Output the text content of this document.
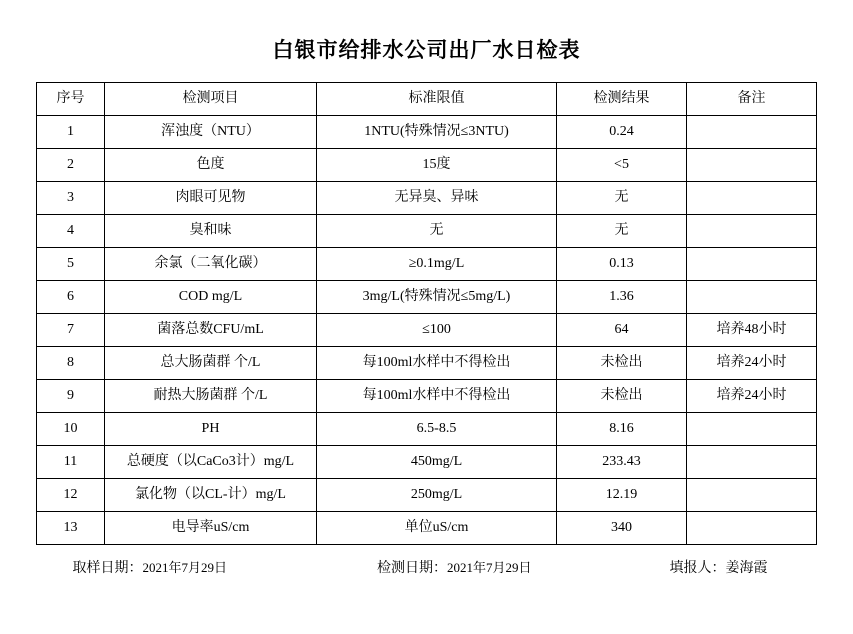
白银市给排水公司出厂水日检表
序号	检测项目	标准限值	检测结果	备注
1	浑浊度（NTU）	1NTU(特殊情况≤3NTU)	0.24	
2	色度	15度	<5	
3	肉眼可见物	无异臭、异味	无	
4	臭和味	无	无	
5	余氯（二氧化碳）	≥0.1mg/L	0.13	
6	COD mg/L	3mg/L(特殊情况≤5mg/L)	1.36	
7	菌落总数CFU/mL	≤100	64	培养48小时
8	总大肠菌群 个/L	每100ml水样中不得检出	未检出	培养24小时
9	耐热大肠菌群 个/L	每100ml水样中不得检出	未检出	培养24小时
10	PH	6.5-8.5	8.16	
11	总硬度（以CaCo3计）mg/L	450mg/L	233.43	
12	氯化物（以CL-计）mg/L	250mg/L	12.19	
13	电导率uS/cm	单位uS/cm	340	
取样日期：2021年7月29日	检测日期：2021年7月29日	填报人：姜海霞
